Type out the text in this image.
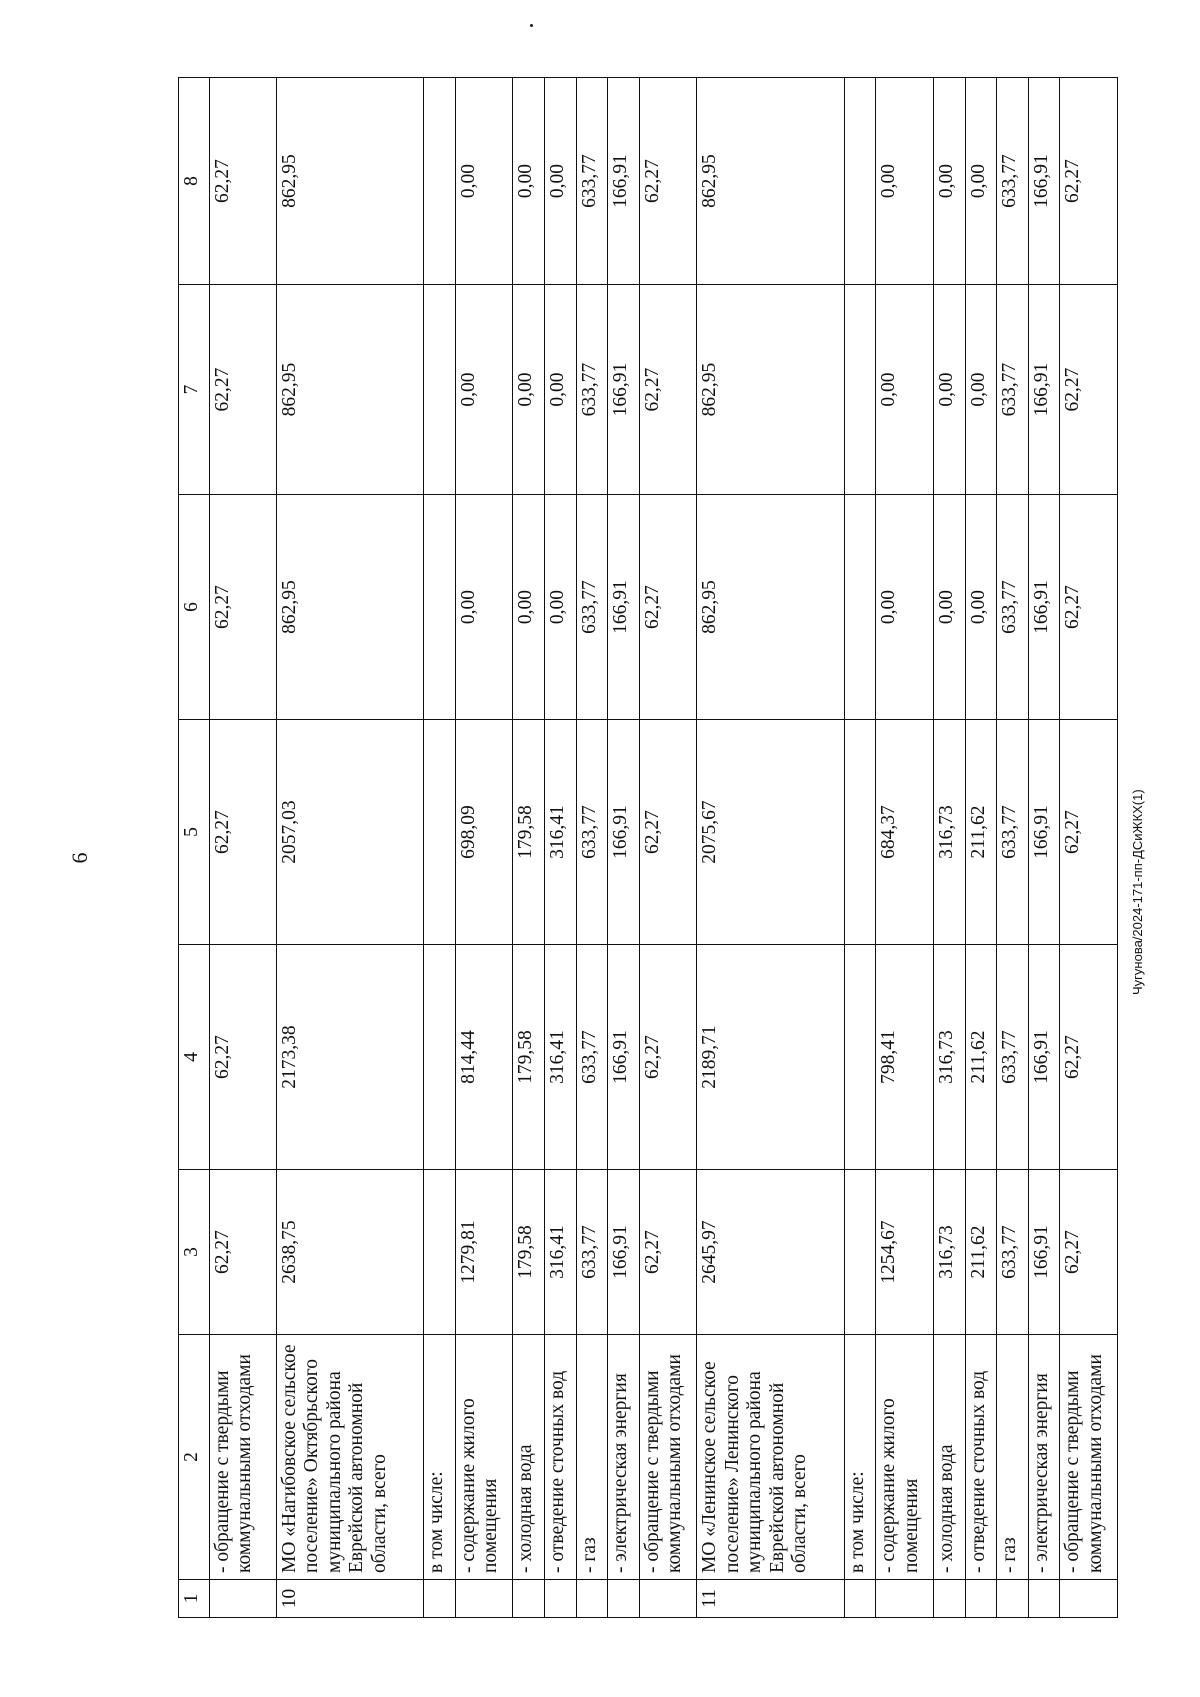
6	Чугунова/2024-171-пп-ДСиЖКХ(1)
1	2	3	4	5	6	7	8
	- обращение с твердыми коммунальными отходами	62,27	62,27	62,27	62,27	62,27	62,27
10	МО «Нагибовское сельское поселение» Октябрьского муниципального района Еврейской автономной области, всего	2638,75	2173,38	2057,03	862,95	862,95	862,95
	в том числе:						
	- содержание жилого помещения	1279,81	814,44	698,09	0,00	0,00	0,00
	- холодная вода	179,58	179,58	179,58	0,00	0,00	0,00
	- отведение сточных вод	316,41	316,41	316,41	0,00	0,00	0,00
	- газ	633,77	633,77	633,77	633,77	633,77	633,77
	- электрическая энергия	166,91	166,91	166,91	166,91	166,91	166,91
	- обращение с твердыми коммунальными отходами	62,27	62,27	62,27	62,27	62,27	62,27
11	МО «Ленинское сельское поселение» Ленинского муниципального района Еврейской автономной области, всего	2645,97	2189,71	2075,67	862,95	862,95	862,95
	в том числе:						
	- содержание жилого помещения	1254,67	798,41	684,37	0,00	0,00	0,00
	- холодная вода	316,73	316,73	316,73	0,00	0,00	0,00
	- отведение сточных вод	211,62	211,62	211,62	0,00	0,00	0,00
	- газ	633,77	633,77	633,77	633,77	633,77	633,77
	- электрическая энергия	166,91	166,91	166,91	166,91	166,91	166,91
	- обращение с твердыми коммунальными отходами	62,27	62,27	62,27	62,27	62,27	62,27
